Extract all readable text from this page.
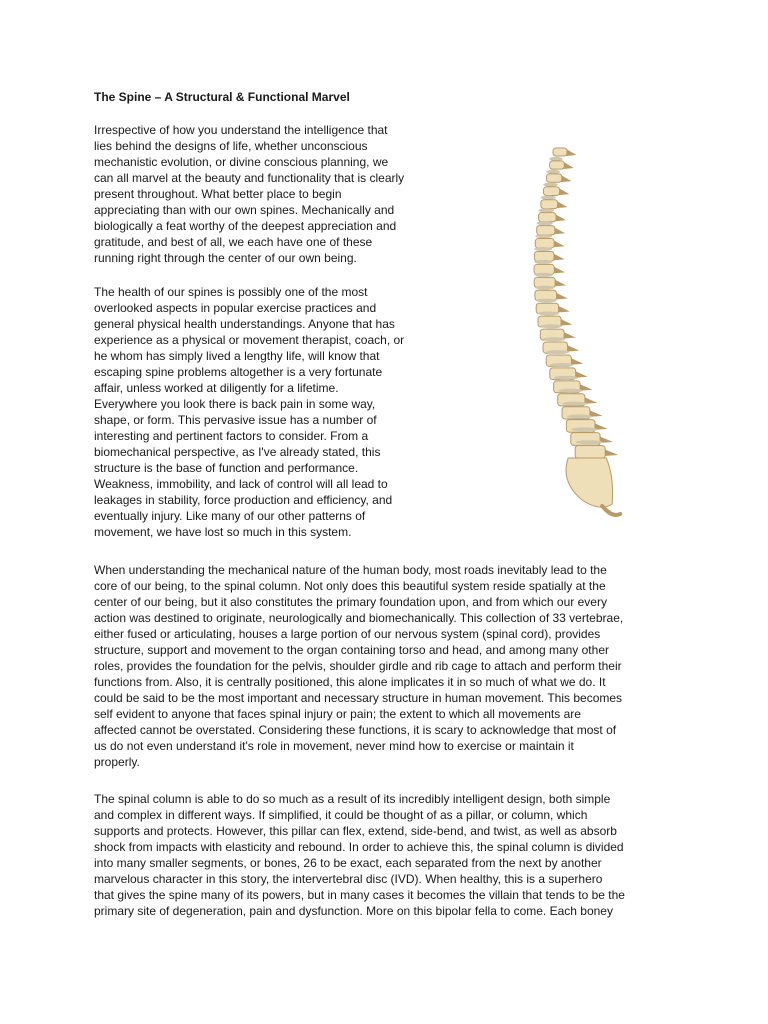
The Spine – A Structural & Functional Marvel

Irrespective of how you understand the intelligence that
lies behind the designs of life, whether unconscious
mechanistic evolution, or divine conscious planning, we
can all marvel at the beauty and functionality that is clearly
present throughout. What better place to begin
appreciating than with our own spines. Mechanically and
biologically a feat worthy of the deepest appreciation and
gratitude, and best of all, we each have one of these
running right through the center of our own being.

The health of our spines is possibly one of the most
overlooked aspects in popular exercise practices and
general physical health understandings. Anyone that has
experience as a physical or movement therapist, coach, or
he whom has simply lived a lengthy life, will know that
escaping spine problems altogether is a very fortunate
affair, unless worked at diligently for a lifetime.
Everywhere you look there is back pain in some way,
shape, or form. This pervasive issue has a number of
interesting and pertinent factors to consider. From a
biomechanical perspective, as I've already stated, this
structure is the base of function and performance.
Weakness, immobility, and lack of control will all lead to
leakages in stability, force production and efficiency, and
eventually injury. Like many of our other patterns of
movement, we have lost so much in this system.

When understanding the mechanical nature of the human body, most roads inevitably lead to the
core of our being, to the spinal column. Not only does this beautiful system reside spatially at the
center of our being, but it also constitutes the primary foundation upon, and from which our every
action was destined to originate, neurologically and biomechanically. This collection of 33 vertebrae,
either fused or articulating, houses a large portion of our nervous system (spinal cord), provides
structure, support and movement to the organ containing torso and head, and among many other
roles, provides the foundation for the pelvis, shoulder girdle and rib cage to attach and perform their
functions from. Also, it is centrally positioned, this alone implicates it in so much of what we do. It
could be said to be the most important and necessary structure in human movement. This becomes
self evident to anyone that faces spinal injury or pain; the extent to which all movements are
affected cannot be overstated. Considering these functions, it is scary to acknowledge that most of
us do not even understand it's role in movement, never mind how to exercise or maintain it
properly.

The spinal column is able to do so much as a result of its incredibly intelligent design, both simple
and complex in different ways. If simplified, it could be thought of as a pillar, or column, which
supports and protects. However, this pillar can flex, extend, side-bend, and twist, as well as absorb
shock from impacts with elasticity and rebound. In order to achieve this, the spinal column is divided
into many smaller segments, or bones, 26 to be exact, each separated from the next by another
marvelous character in this story, the intervertebral disc (IVD). When healthy, this is a superhero
that gives the spine many of its powers, but in many cases it becomes the villain that tends to be the
primary site of degeneration, pain and dysfunction. More on this bipolar fella to come. Each boney
